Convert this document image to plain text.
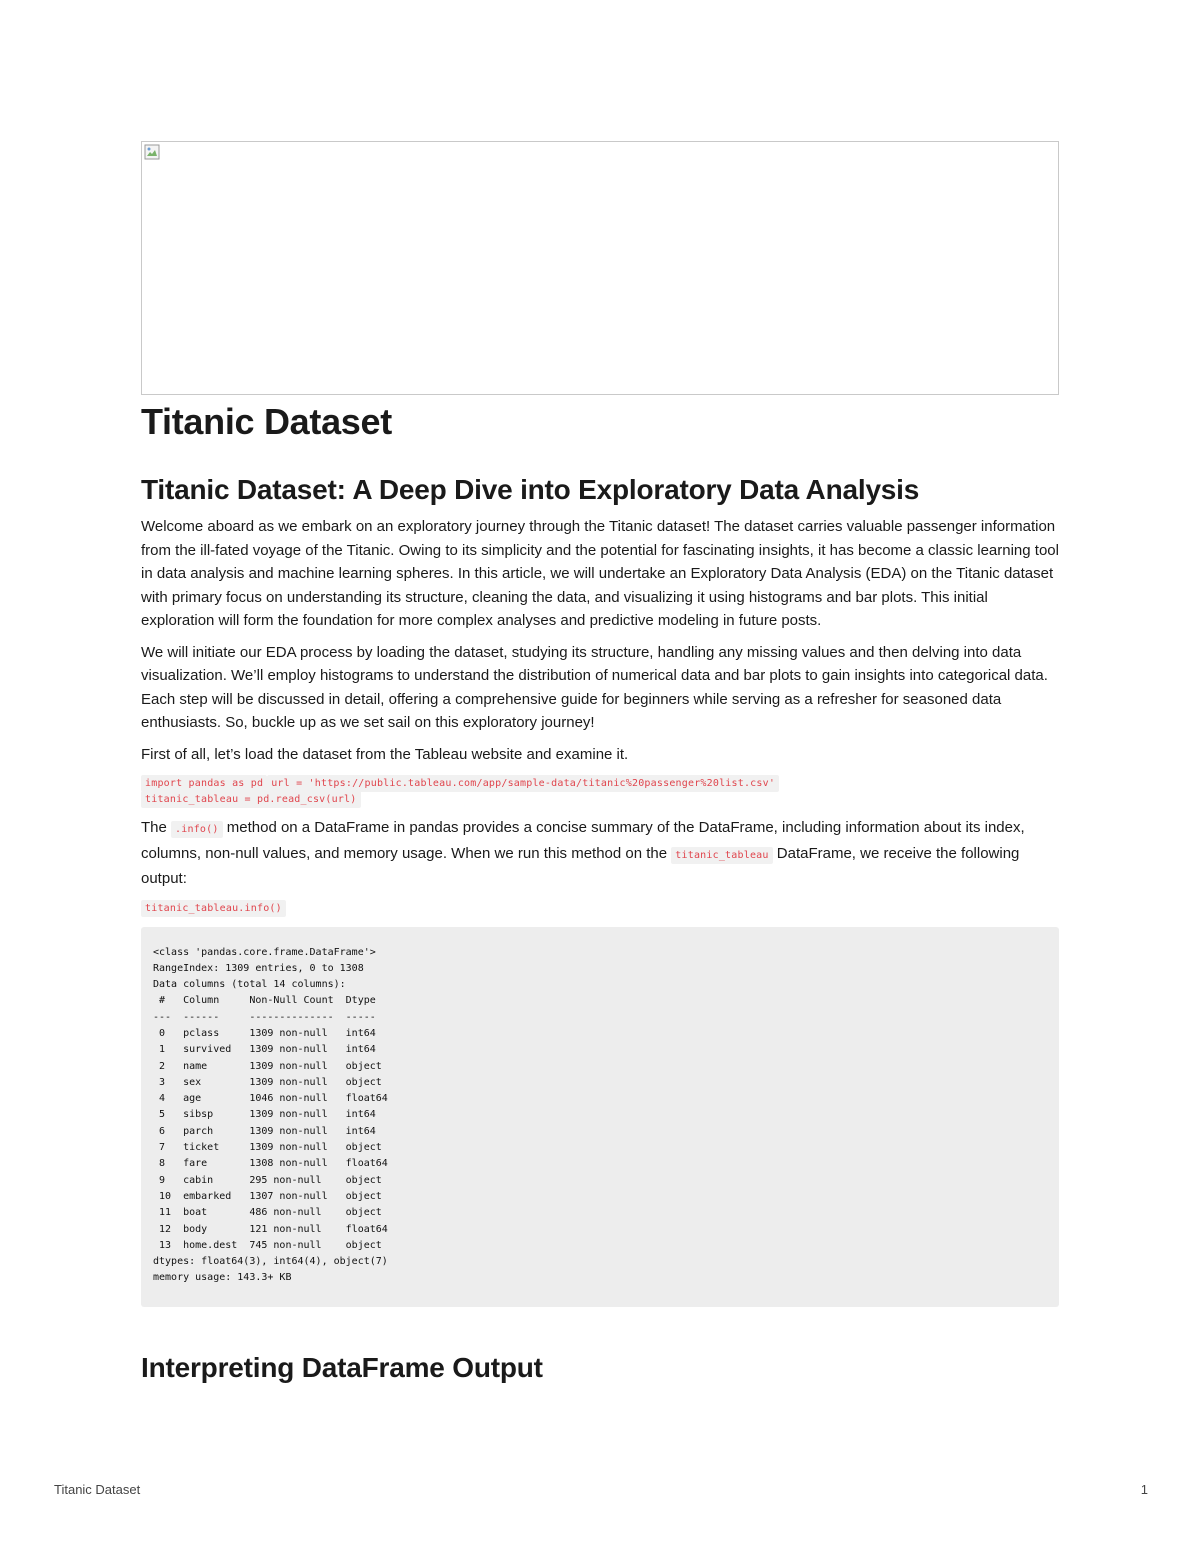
Titanic Dataset
Titanic Dataset: A Deep Dive into Exploratory Data Analysis

Welcome aboard as we embark on an exploratory journey through the Titanic dataset! The dataset carries valuable passenger information from the ill-fated voyage of the Titanic. Owing to its simplicity and the potential for fascinating insights, it has become a classic learning tool in data analysis and machine learning spheres. In this article, we will undertake an Exploratory Data Analysis (EDA) on the Titanic dataset with primary focus on understanding its structure, cleaning the data, and visualizing it using histograms and bar plots. This initial exploration will form the foundation for more complex analyses and predictive modeling in future posts.

We will initiate our EDA process by loading the dataset, studying its structure, handling any missing values and then delving into data visualization. We’ll employ histograms to understand the distribution of numerical data and bar plots to gain insights into categorical data. Each step will be discussed in detail, offering a comprehensive guide for beginners while serving as a refresher for seasoned data enthusiasts. So, buckle up as we set sail on this exploratory journey!

First of all, let’s load the dataset from the Tableau website and examine it.

import pandas as pd url = 'https://public.tableau.com/app/sample-data/titanic%20passenger%20list.csv'
titanic_tableau = pd.read_csv(url)

The .info() method on a DataFrame in pandas provides a concise summary of the DataFrame, including information about its index, columns, non-null values, and memory usage. When we run this method on the titanic_tableau DataFrame, we receive the following output:

titanic_tableau.info()
<class 'pandas.core.frame.DataFrame'>
RangeIndex: 1309 entries, 0 to 1308
Data columns (total 14 columns):
#   Column     Non-Null Count  Dtype
---  ------     --------------  -----
0   pclass     1309 non-null   int64
1   survived   1309 non-null   int64
2   name       1309 non-null   object
3   sex        1309 non-null   object
4   age        1046 non-null   float64
5   sibsp      1309 non-null   int64
6   parch      1309 non-null   int64
7   ticket     1309 non-null   object
8   fare       1308 non-null   float64
9   cabin      295 non-null    object
10  embarked   1307 non-null   object
11  boat       486 non-null    object
12  body       121 non-null    float64
13  home.dest  745 non-null    object
dtypes: float64(3), int64(4), object(7)
memory usage: 143.3+ KB
Interpreting DataFrame Output
Titanic Dataset	1
